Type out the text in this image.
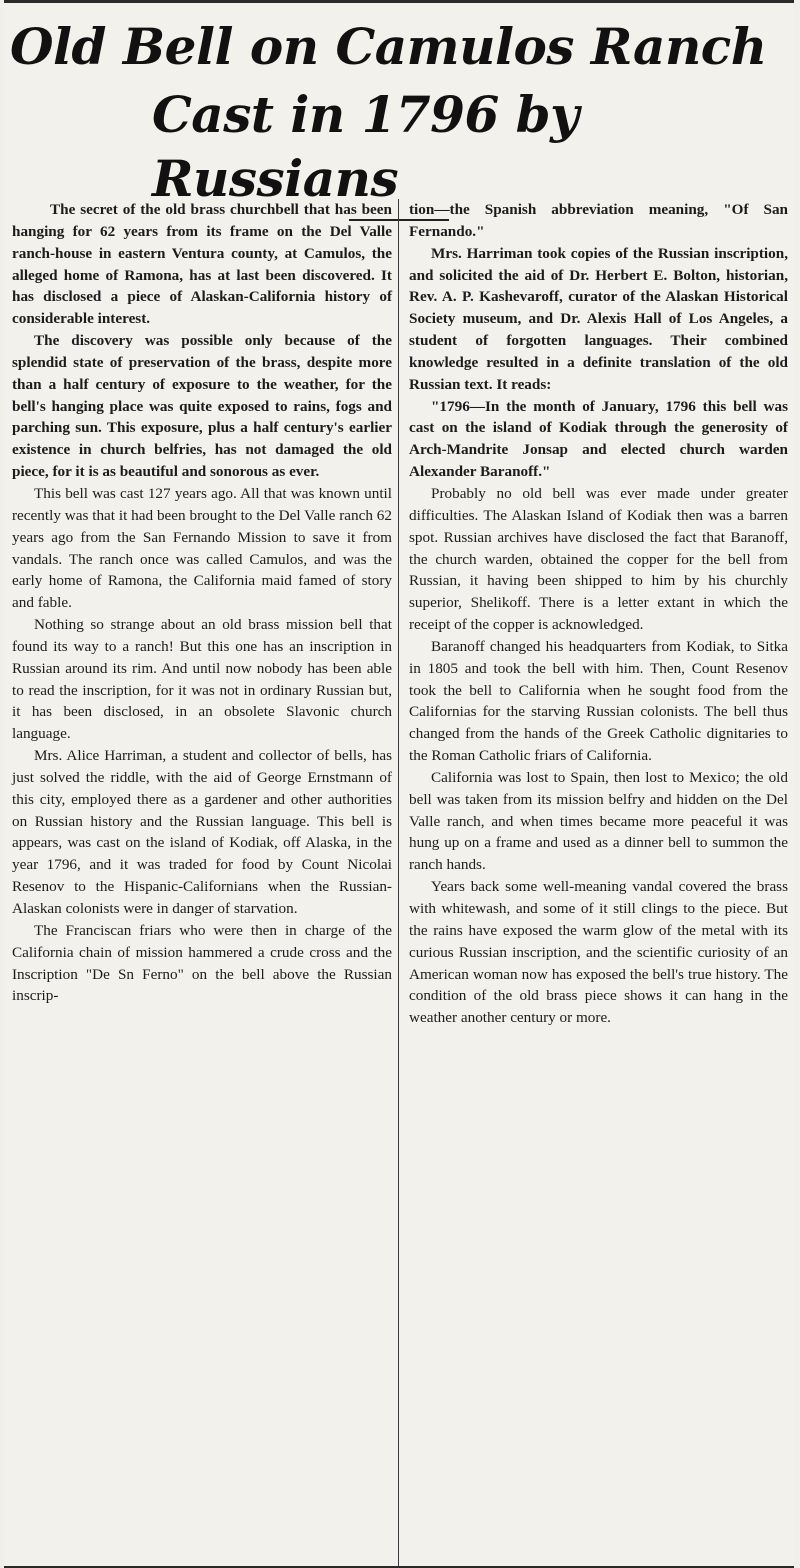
Old Bell on Camulos Ranch
Cast in 1796 by Russians

The secret of the old brass churchbell that has been hanging for 62 years from its frame on the Del Valle ranch-house in eastern Ventura county, at Camulos, the alleged home of Ramona, has at last been discovered. It has disclosed a piece of Alaskan-California history of considerable interest.

The discovery was possible only because of the splendid state of preservation of the brass, despite more than a half century of exposure to the weather, for the bell's hanging place was quite exposed to rains, fogs and parching sun. This exposure, plus a half century's earlier existence in church belfries, has not damaged the old piece, for it is as beautiful and sonorous as ever.

This bell was cast 127 years ago. All that was known until recently was that it had been brought to the Del Valle ranch 62 years ago from the San Fernando Mission to save it from vandals. The ranch once was called Camulos, and was the early home of Ramona, the California maid famed of story and fable.

Nothing so strange about an old brass mission bell that found its way to a ranch! But this one has an inscription in Russian around its rim. And until now nobody has been able to read the inscription, for it was not in ordinary Russian but, it has been disclosed, in an obsolete Slavonic church language.

Mrs. Alice Harriman, a student and collector of bells, has just solved the riddle, with the aid of George Ernstmann of this city, employed there as a gardener and other authorities on Russian history and the Russian language. This bell is appears, was cast on the island of Kodiak, off Alaska, in the year 1796, and it was traded for food by Count Nicolai Resenov to the Hispanic-Californians when the Russian-Alaskan colonists were in danger of starvation.

The Franciscan friars who were then in charge of the California chain of mission hammered a crude cross and the Inscription "De Sn Ferno" on the bell above the Russian inscrip-

tion—the Spanish abbreviation meaning, "Of San Fernando."

Mrs. Harriman took copies of the Russian inscription, and solicited the aid of Dr. Herbert E. Bolton, historian, Rev. A. P. Kashevaroff, curator of the Alaskan Historical Society museum, and Dr. Alexis Hall of Los Angeles, a student of forgotten languages. Their combined knowledge resulted in a definite translation of the old Russian text. It reads:

"1796—In the month of January, 1796 this bell was cast on the island of Kodiak through the generosity of Arch-Mandrite Jonsap and elected church warden Alexander Baranoff."

Probably no old bell was ever made under greater difficulties. The Alaskan Island of Kodiak then was a barren spot. Russian archives have disclosed the fact that Baranoff, the church warden, obtained the copper for the bell from Russian, it having been shipped to him by his churchly superior, Shelikoff. There is a letter extant in which the receipt of the copper is acknowledged.

Baranoff changed his headquarters from Kodiak, to Sitka in 1805 and took the bell with him. Then, Count Resenov took the bell to California when he sought food from the Californias for the starving Russian colonists. The bell thus changed from the hands of the Greek Catholic dignitaries to the Roman Catholic friars of California.

California was lost to Spain, then lost to Mexico; the old bell was taken from its mission belfry and hidden on the Del Valle ranch, and when times became more peaceful it was hung up on a frame and used as a dinner bell to summon the ranch hands.

Years back some well-meaning vandal covered the brass with whitewash, and some of it still clings to the piece. But the rains have exposed the warm glow of the metal with its curious Russian inscription, and the scientific curiosity of an American woman now has exposed the bell's true history. The condition of the old brass piece shows it can hang in the weather another century or more.
